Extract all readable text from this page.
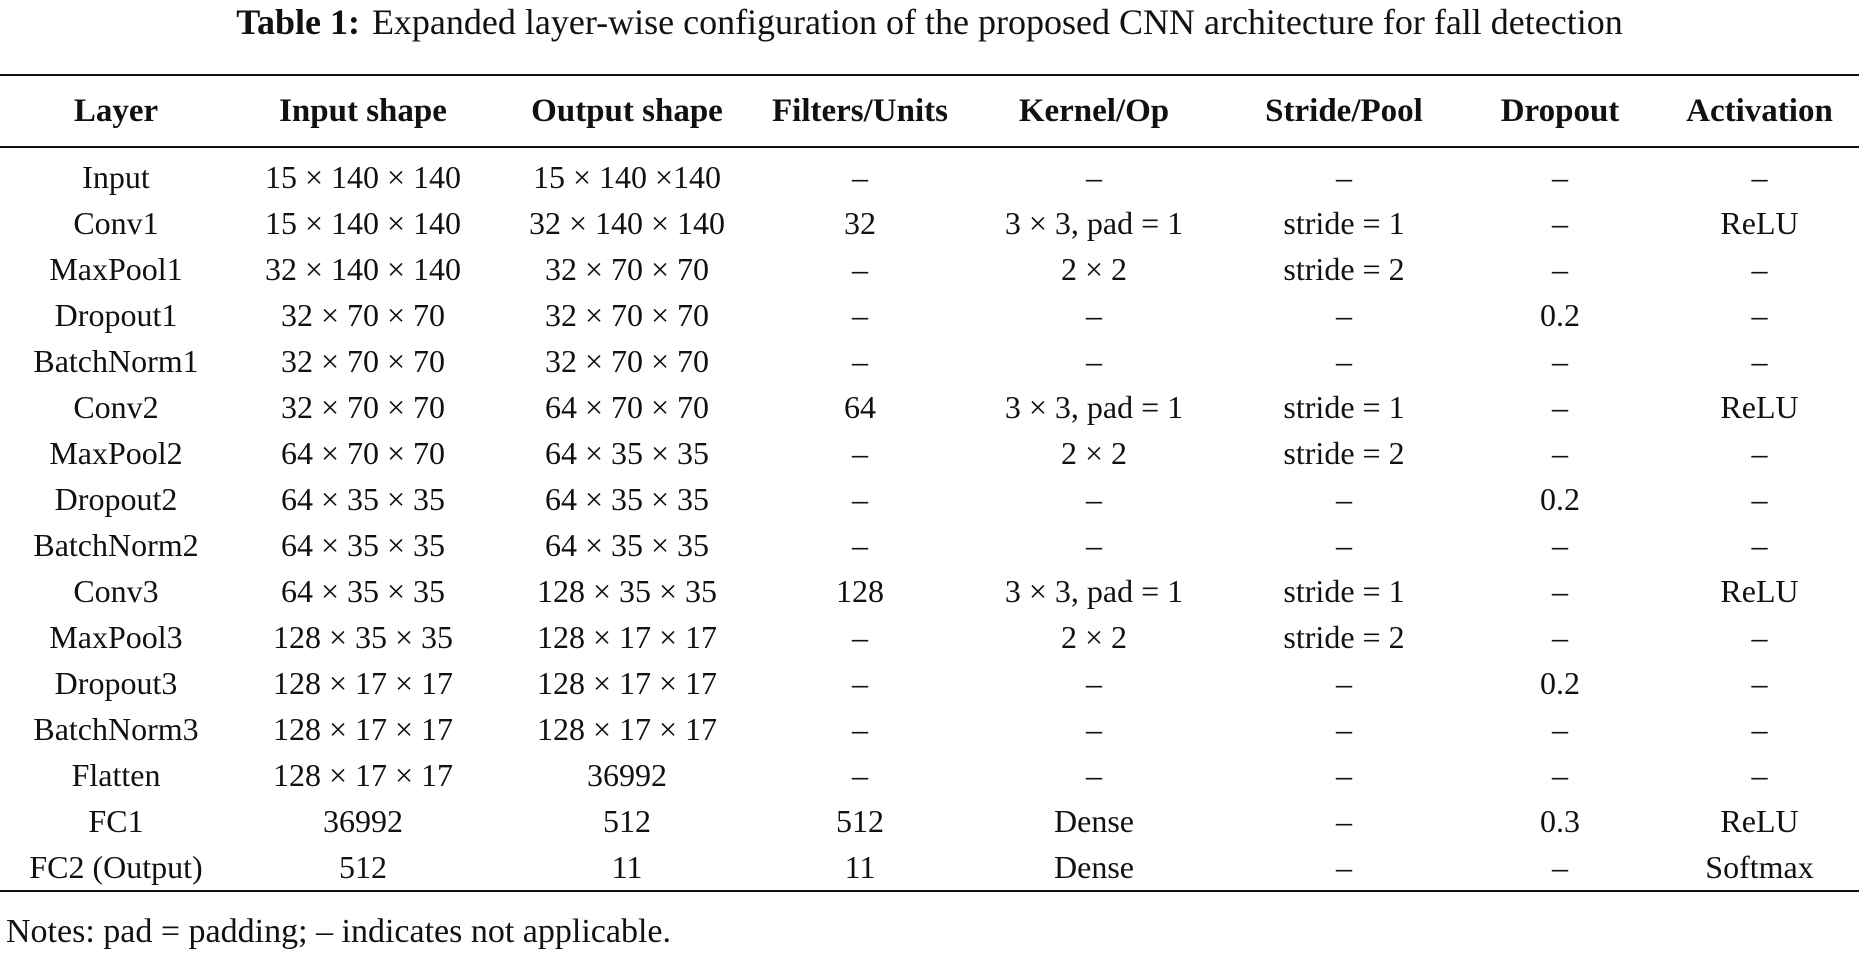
Table 1: Expanded layer-wise configuration of the proposed CNN architecture for fall detection
Layer	Input shape	Output shape	Filters/Units	Kernel/Op	Stride/Pool	Dropout	Activation
Input	15 × 140 × 140	15 × 140 ×140	–	–	–	–	–
Conv1	15 × 140 × 140	32 × 140 × 140	32	3 × 3, pad = 1	stride = 1	–	ReLU
MaxPool1	32 × 140 × 140	32 × 70 × 70	–	2 × 2	stride = 2	–	–
Dropout1	32 × 70 × 70	32 × 70 × 70	–	–	–	0.2	–
BatchNorm1	32 × 70 × 70	32 × 70 × 70	–	–	–	–	–
Conv2	32 × 70 × 70	64 × 70 × 70	64	3 × 3, pad = 1	stride = 1	–	ReLU
MaxPool2	64 × 70 × 70	64 × 35 × 35	–	2 × 2	stride = 2	–	–
Dropout2	64 × 35 × 35	64 × 35 × 35	–	–	–	0.2	–
BatchNorm2	64 × 35 × 35	64 × 35 × 35	–	–	–	–	–
Conv3	64 × 35 × 35	128 × 35 × 35	128	3 × 3, pad = 1	stride = 1	–	ReLU
MaxPool3	128 × 35 × 35	128 × 17 × 17	–	2 × 2	stride = 2	–	–
Dropout3	128 × 17 × 17	128 × 17 × 17	–	–	–	0.2	–
BatchNorm3	128 × 17 × 17	128 × 17 × 17	–	–	–	–	–
Flatten	128 × 17 × 17	36992	–	–	–	–	–
FC1	36992	512	512	Dense	–	0.3	ReLU
FC2 (Output)	512	11	11	Dense	–	–	Softmax
Notes: pad = padding; – indicates not applicable.
